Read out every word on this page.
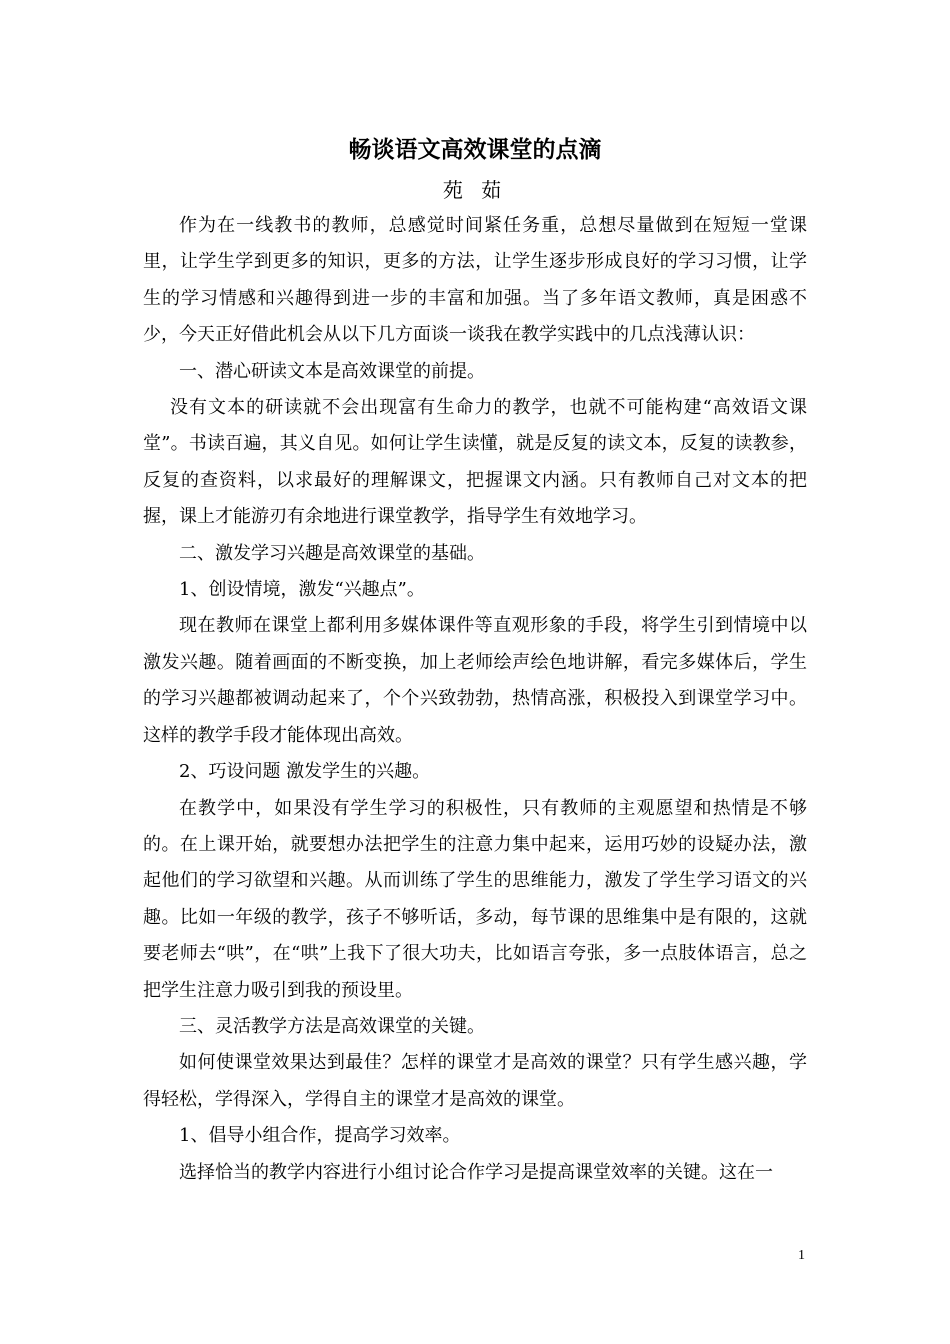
畅谈语文高效课堂的点滴
苑 茹

作为在一线教书的教师，总感觉时间紧任务重，总想尽量做到在短短一堂课里，让学生学到更多的知识，更多的方法，让学生逐步形成良好的学习习惯，让学生的学习情感和兴趣得到进一步的丰富和加强。当了多年语文教师，真是困惑不少，今天正好借此机会从以下几方面谈一谈我在教学实践中的几点浅薄认识：

一、潜心研读文本是高效课堂的前提。

没有文本的研读就不会出现富有生命力的教学，也就不可能构建“高效语文课堂”。书读百遍，其义自见。如何让学生读懂，就是反复的读文本，反复的读教参，反复的查资料，以求最好的理解课文，把握课文内涵。只有教师自己对文本的把握，课上才能游刃有余地进行课堂教学，指导学生有效地学习。

二、激发学习兴趣是高效课堂的基础。

1、创设情境，激发“兴趣点”。

现在教师在课堂上都利用多媒体课件等直观形象的手段，将学生引到情境中以激发兴趣。随着画面的不断变换，加上老师绘声绘色地讲解，看完多媒体后，学生的学习兴趣都被调动起来了，个个兴致勃勃，热情高涨，积极投入到课堂学习中。这样的教学手段才能体现出高效。

2、巧设问题 激发学生的兴趣。

在教学中，如果没有学生学习的积极性，只有教师的主观愿望和热情是不够的。在上课开始，就要想办法把学生的注意力集中起来，运用巧妙的设疑办法，激起他们的学习欲望和兴趣。从而训练了学生的思维能力，激发了学生学习语文的兴趣。比如一年级的教学，孩子不够听话，多动，每节课的思维集中是有限的，这就要老师去“哄”，在“哄”上我下了很大功夫，比如语言夸张，多一点肢体语言，总之把学生注意力吸引到我的预设里。

三、灵活教学方法是高效课堂的关键。

如何使课堂效果达到最佳？怎样的课堂才是高效的课堂？只有学生感兴趣，学得轻松，学得深入，学得自主的课堂才是高效的课堂。

1、倡导小组合作，提高学习效率。

选择恰当的教学内容进行小组讨论合作学习是提高课堂效率的关键。这在一

1
